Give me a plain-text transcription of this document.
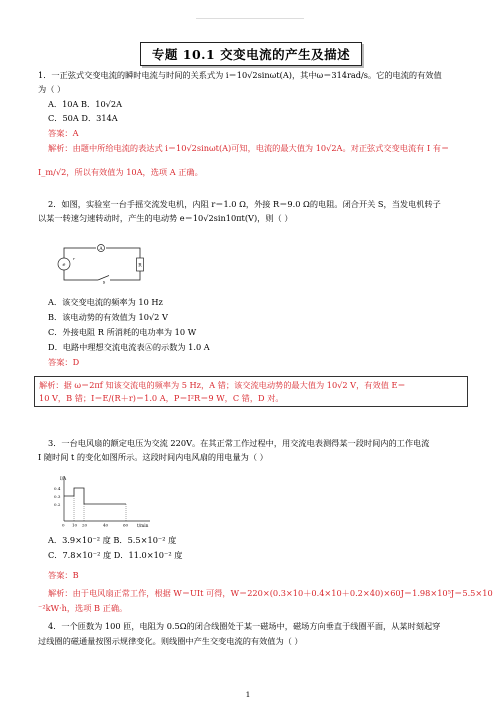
专题 10.1 交变电流的产生及描述
1．一正弦式交变电流的瞬时电流与时间的关系式为 i＝10√2sinωt(A)，其中ω＝314rad/s。它的电流的有效值
为（ ）
A．10A B．10√2A
C．50A D．314A
答案：A
解析：由题中所给电流的表达式 i＝10√2sinωt(A)可知，电流的最大值为 10√2A。对正弦式交变电流有 I 有＝
I_m/√2，所以有效值为 10A，选项 A 正确。
2．如图，实验室一台手摇交流发电机，内阻 r＝1.0 Ω，外接 R＝9.0 Ω的电阻。闭合开关 S，当发电机转子
以某一转速匀速转动时，产生的电动势 e＝10√2sin10πt(V)，则（ ）
A
R
S
e
r
A．该交变电流的频率为 10 Hz
B．该电动势的有效值为 10√2 V
C．外接电阻 R 所消耗的电功率为 10 W
D．电路中理想交流电流表Ⓐ的示数为 1.0 A
答案：D
解析：据 ω＝2πf 知该交流电的频率为 5 Hz，A 错；该交流电动势的最大值为 10√2 V，有效值 E＝
10 V，B 错；I＝E/(R＋r)＝1.0 A，P＝I²R＝9 W，C 错，D 对。
3．一台电风扇的额定电压为交流 220V。在其正常工作过程中，用交流电表测得某一段时间内的工作电流
I 随时间 t 的变化如图所示。这段时间内电风扇的用电量为（ ）
I/A
t/min
0.4
0.3
0.2
0 10 20	40	60
A．3.9×10⁻² 度 B．5.5×10⁻² 度
C．7.8×10⁻² 度 D．11.0×10⁻² 度
答案：B
解析：由于电风扇正常工作，根据 W＝UIt 可得，W＝220×(0.3×10＋0.4×10＋0.2×40)×60J＝1.98×10⁵J＝5.5×10
⁻²kW·h，选项 B 正确。
4．一个匝数为 100 匝，电阻为 0.5Ω的闭合线圈处于某一磁场中，磁场方向垂直于线圈平面，从某时刻起穿
过线圈的磁通量按图示规律变化。则线圈中产生交变电流的有效值为（ ）
1
